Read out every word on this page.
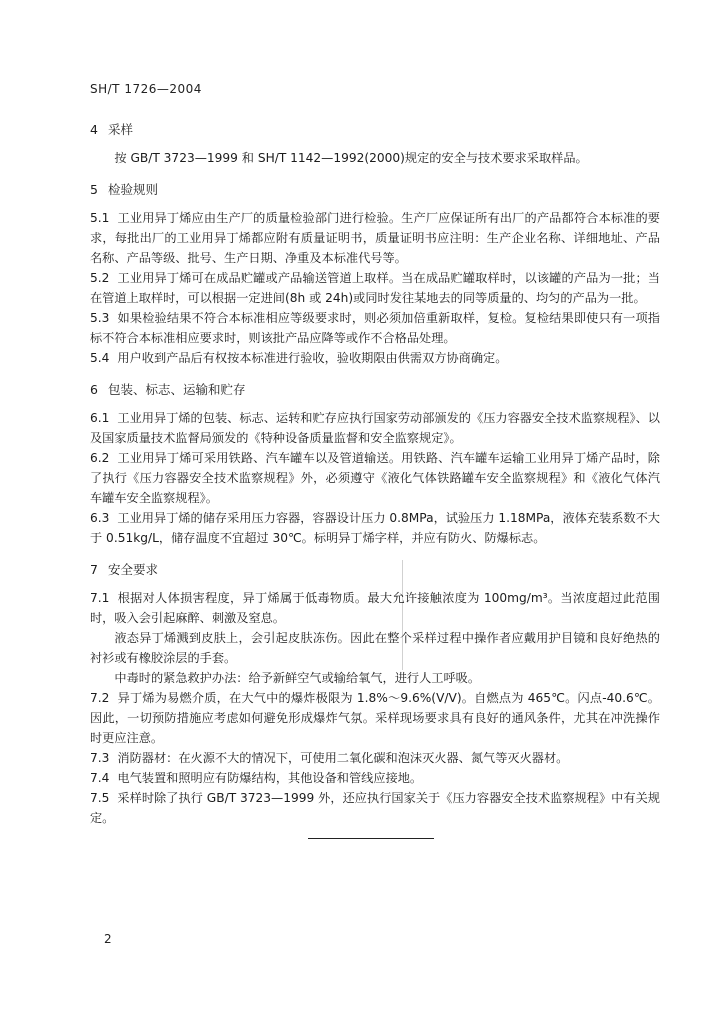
SH/T 1726—2004
4 采样

按 GB/T 3723—1999 和 SH/T 1142—1992(2000)规定的安全与技术要求采取样品。

5 检验规则

5.1 工业用异丁烯应由生产厂的质量检验部门进行检验。生产厂应保证所有出厂的产品都符合本标准的要求，每批出厂的工业用异丁烯都应附有质量证明书，质量证明书应注明：生产企业名称、详细地址、产品名称、产品等级、批号、生产日期、净重及本标准代号等。

5.2 工业用异丁烯可在成品贮罐或产品输送管道上取样。当在成品贮罐取样时，以该罐的产品为一批；当在管道上取样时，可以根据一定进间(8h 或 24h)或同时发往某地去的同等质量的、均匀的产品为一批。

5.3 如果检验结果不符合本标准相应等级要求时，则必须加倍重新取样，复检。复检结果即使只有一项指标不符合本标准相应要求时，则该批产品应降等或作不合格品处理。

5.4 用户收到产品后有权按本标准进行验收，验收期限由供需双方协商确定。

6 包装、标志、运输和贮存

6.1 工业用异丁烯的包装、标志、运转和贮存应执行国家劳动部颁发的《压力容器安全技术监察规程》、以及国家质量技术监督局颁发的《特种设备质量监督和安全监察规定》。

6.2 工业用异丁烯可采用铁路、汽车罐车以及管道输送。用铁路、汽车罐车运输工业用异丁烯产品时，除了执行《压力容器安全技术监察规程》外，必须遵守《液化气体铁路罐车安全监察规程》和《液化气体汽车罐车安全监察规程》。

6.3 工业用异丁烯的储存采用压力容器，容器设计压力 0.8MPa，试验压力 1.18MPa，液体充装系数不大于 0.51kg/L，储存温度不宜超过 30℃。标明异丁烯字样，并应有防火、防爆标志。

7 安全要求

7.1 根据对人体损害程度，异丁烯属于低毒物质。最大允许接触浓度为 100mg/m³。当浓度超过此范围时，吸入会引起麻醉、刺激及窒息。

液态异丁烯溅到皮肤上，会引起皮肤冻伤。因此在整个采样过程中操作者应戴用护目镜和良好绝热的衬衫或有橡胶涂层的手套。

中毒时的紧急救护办法：给予新鲜空气或输给氧气，进行人工呼吸。

7.2 异丁烯为易燃介质，在大气中的爆炸极限为 1.8%～9.6%(V/V)。自燃点为 465℃。闪点-40.6℃。因此，一切预防措施应考虑如何避免形成爆炸气氛。采样现场要求具有良好的通风条件，尤其在冲洗操作时更应注意。

7.3 消防器材：在火源不大的情况下，可使用二氧化碳和泡沫灭火器、氮气等灭火器材。

7.4 电气装置和照明应有防爆结构，其他设备和管线应接地。

7.5 采样时除了执行 GB/T 3723—1999 外，还应执行国家关于《压力容器安全技术监察规程》中有关规定。

2
